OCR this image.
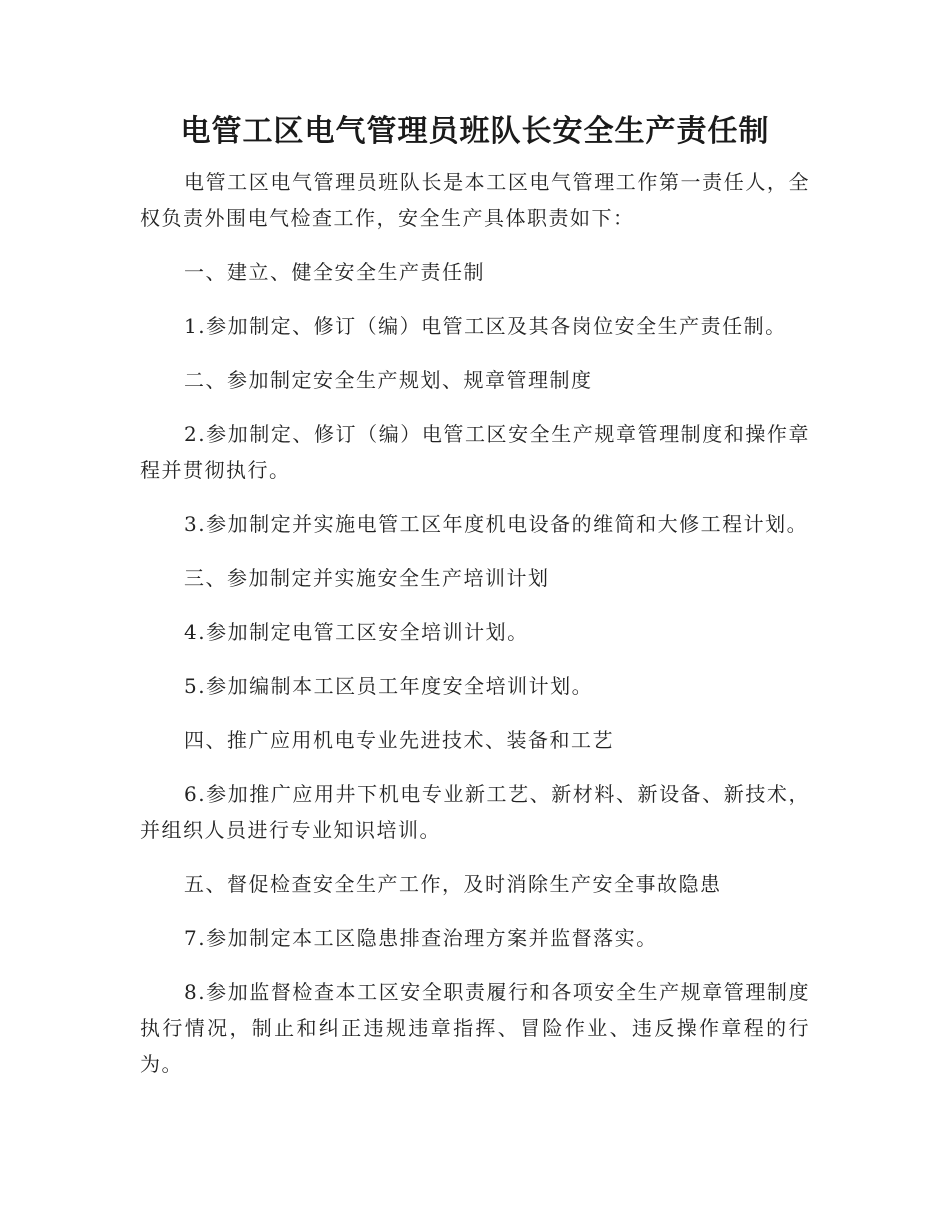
电管工区电气管理员班队长安全生产责任制

电管工区电气管理员班队长是本工区电气管理工作第一责任人，全权负责外围电气检查工作，安全生产具体职责如下：

一、建立、健全安全生产责任制

1.参加制定、修订（编）电管工区及其各岗位安全生产责任制。

二、参加制定安全生产规划、规章管理制度

2.参加制定、修订（编）电管工区安全生产规章管理制度和操作章程并贯彻执行。

3.参加制定并实施电管工区年度机电设备的维简和大修工程计划。

三、参加制定并实施安全生产培训计划

4.参加制定电管工区安全培训计划。

5.参加编制本工区员工年度安全培训计划。

四、推广应用机电专业先进技术、装备和工艺

6.参加推广应用井下机电专业新工艺、新材料、新设备、新技术，并组织人员进行专业知识培训。

五、督促检查安全生产工作，及时消除生产安全事故隐患

7.参加制定本工区隐患排查治理方案并监督落实。

8.参加监督检查本工区安全职责履行和各项安全生产规章管理制度执行情况，制止和纠正违规违章指挥、冒险作业、违反操作章程的行为。
